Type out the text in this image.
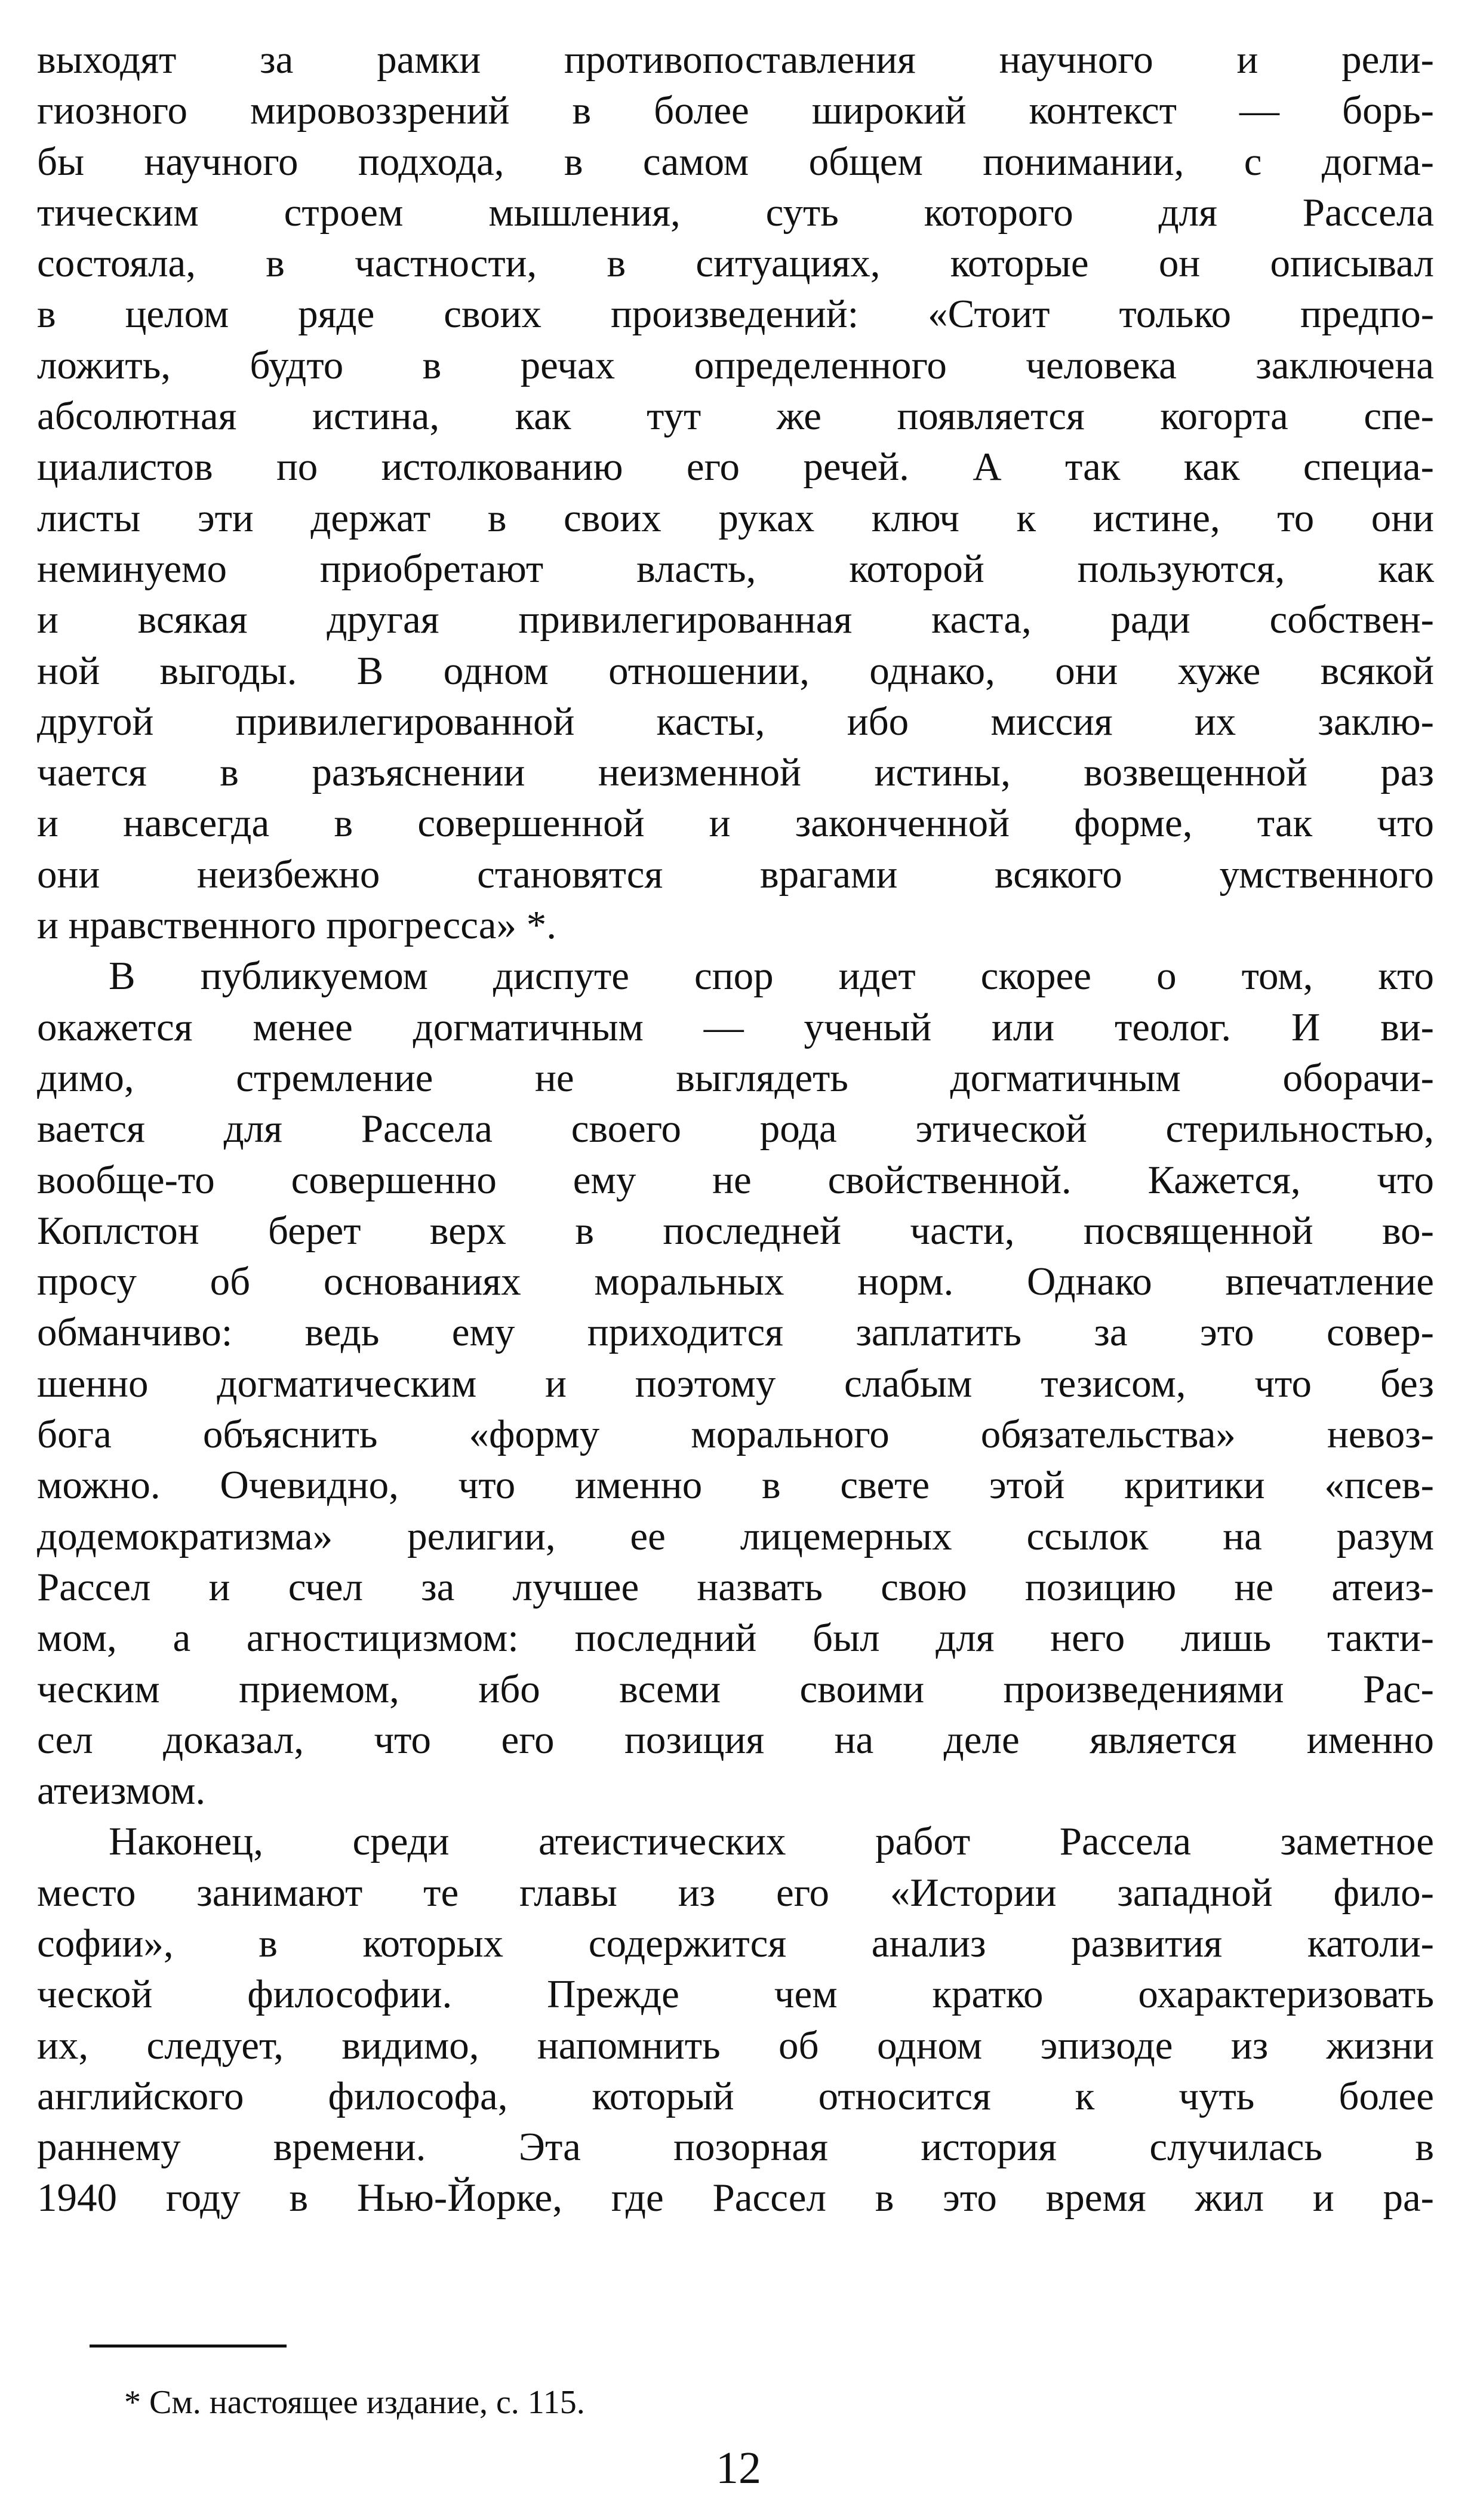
выходят за рамки противопоставления научного и рели-
гиозного мировоззрений в более широкий контекст — борь-
бы научного подхода, в самом общем понимании, с догма-
тическим строем мышления, суть которого для Рассела
состояла, в частности, в ситуациях, которые он описывал
в целом ряде своих произведений: «Стоит только предпо-
ложить, будто в речах определенного человека заключена
абсолютная истина, как тут же появляется когорта спе-
циалистов по истолкованию его речей. А так как специа-
листы эти держат в своих руках ключ к истине, то они
неминуемо приобретают власть, которой пользуются, как
и всякая другая привилегированная каста, ради собствен-
ной выгоды. В одном отношении, однако, они хуже всякой
другой привилегированной касты, ибо миссия их заклю-
чается в разъяснении неизменной истины, возвещенной раз
и навсегда в совершенной и законченной форме, так что
они неизбежно становятся врагами всякого умственного
и нравственного прогресса» *.
В публикуемом диспуте спор идет скорее о том, кто
окажется менее догматичным — ученый или теолог. И ви-
димо, стремление не выглядеть догматичным оборачи-
вается для Рассела своего рода этической стерильностью,
вообще-то совершенно ему не свойственной. Кажется, что
Коплстон берет верх в последней части, посвященной во-
просу об основаниях моральных норм. Однако впечатление
обманчиво: ведь ему приходится заплатить за это совер-
шенно догматическим и поэтому слабым тезисом, что без
бога объяснить «форму морального обязательства» невоз-
можно. Очевидно, что именно в свете этой критики «псев-
додемократизма» религии, ее лицемерных ссылок на разум
Рассел и счел за лучшее назвать свою позицию не атеиз-
мом, а агностицизмом: последний был для него лишь такти-
ческим приемом, ибо всеми своими произведениями Рас-
сел доказал, что его позиция на деле является именно
атеизмом.
Наконец, среди атеистических работ Рассела заметное
место занимают те главы из его «Истории западной фило-
софии», в которых содержится анализ развития католи-
ческой философии. Прежде чем кратко охарактеризовать
их, следует, видимо, напомнить об одном эпизоде из жизни
английского философа, который относится к чуть более
раннему времени. Эта позорная история случилась в
1940 году в Нью-Йорке, где Рассел в это время жил и ра-
* См. настоящее издание, с. 115.
12
